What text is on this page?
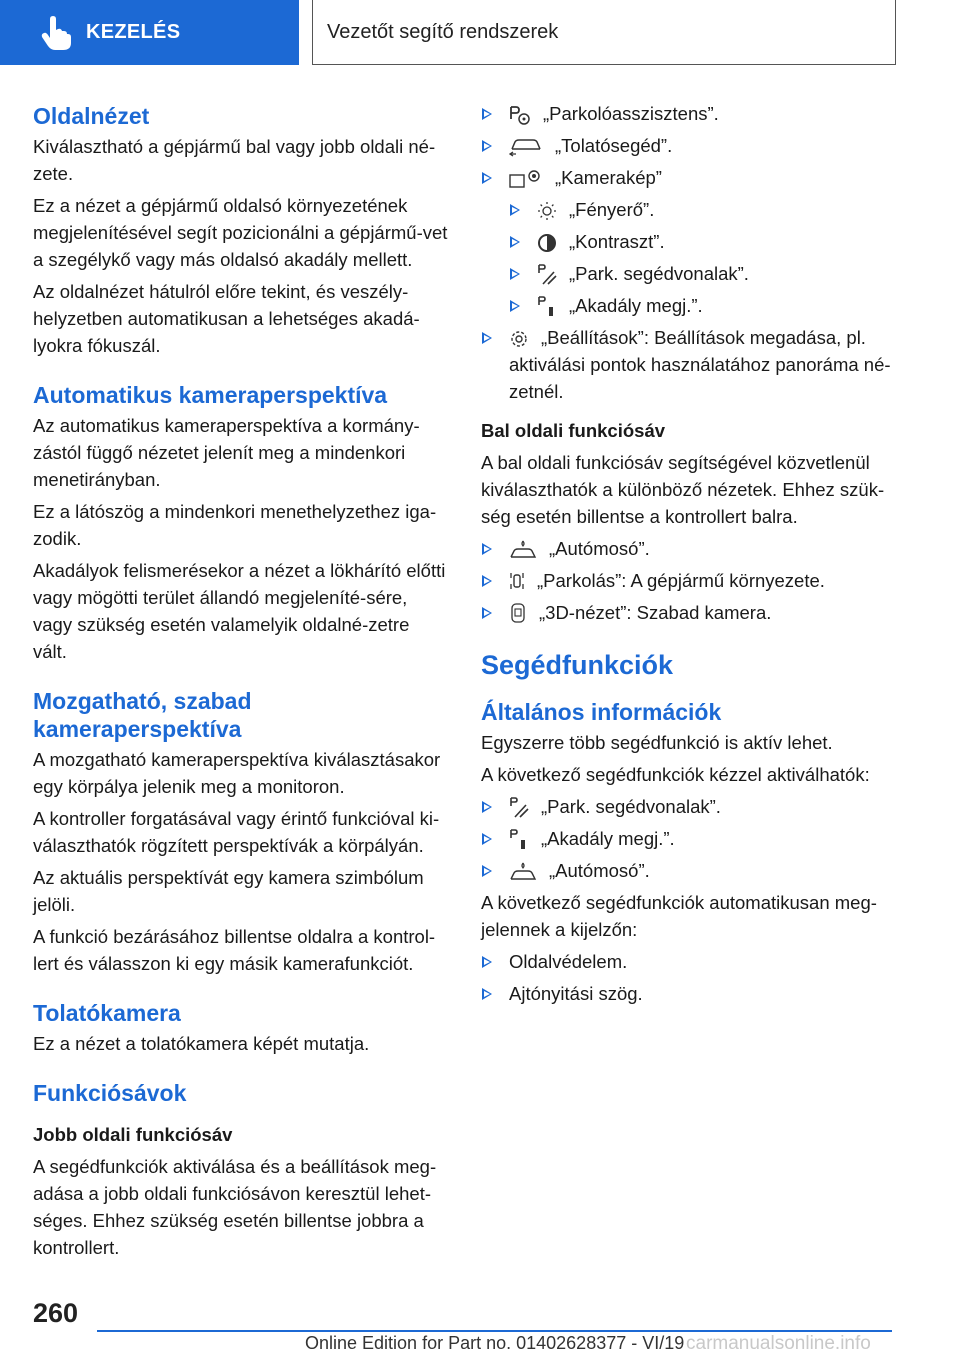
KEZELÉS	Vezetőt segítő rendszerek
Oldalnézet

Kiválasztható a gépjármű bal vagy jobb oldali né-zete.

Ez a nézet a gépjármű oldalsó környezetének megjelenítésével segít pozicionálni a gépjármű-vet a szegélykő vagy más oldalsó akadály mellett.

Az oldalnézet hátulról előre tekint, és veszély-helyzetben automatikusan a lehetséges akadá-lyokra fókuszál.

Automatikus kameraperspektíva

Az automatikus kameraperspektíva a kormány-zástól függő nézetet jelenít meg a mindenkori menetirányban.

Ez a látószög a mindenkori menethelyzethez iga-zodik.

Akadályok felismerésekor a nézet a lökhárító előtti vagy mögötti terület állandó megjeleníté-sére, vagy szükség esetén valamelyik oldalné-zetre vált.

Mozgatható, szabad kameraperspektíva

A mozgatható kameraperspektíva kiválasztásakor egy körpálya jelenik meg a monitoron.

A kontroller forgatásával vagy érintő funkcióval ki-választhatók rögzített perspektívák a körpályán.

Az aktuális perspektívát egy kamera szimbólum jelöli.

A funkció bezárásához billentse oldalra a kontrol-lert és válasszon ki egy másik kamerafunkciót.

Tolatókamera

Ez a nézet a tolatókamera képét mutatja.

Funkciósávok
Jobb oldali funkciósáv

A segédfunkciók aktiválása és a beállítások meg-adása a jobb oldali funkciósávon keresztül lehet-séges. Ehhez szükség esetén billentse jobbra a kontrollert.

„Parkolóasszisztens”.
„Tolatósegéd”.
„Kamerakép”
„Fényerő”.
„Kontraszt”.
„Park. segédvonalak”.
„Akadály megj.”.
„Beállítások”: Beállítások megadása, pl. aktiválási pontok használatához panoráma né-zetnél.
Bal oldali funkciósáv

A bal oldali funkciósáv segítségével közvetlenül kiválaszthatók a különböző nézetek. Ehhez szük-ség esetén billentse a kontrollert balra.

„Autómosó”.
„Parkolás”: A gépjármű környezete.
„3D-nézet”: Szabad kamera.
Segédfunkciók
Általános információk

Egyszerre több segédfunkció is aktív lehet.

A következő segédfunkciók kézzel aktiválhatók:

„Park. segédvonalak”.
„Akadály megj.”.
„Autómosó”.

A következő segédfunkciók automatikusan meg-jelennek a kijelzőn:

Oldalvédelem.
Ajtónyitási szög.
260
Online Edition for Part no. 01402628377 - VI/19 carmanualsonline.info
